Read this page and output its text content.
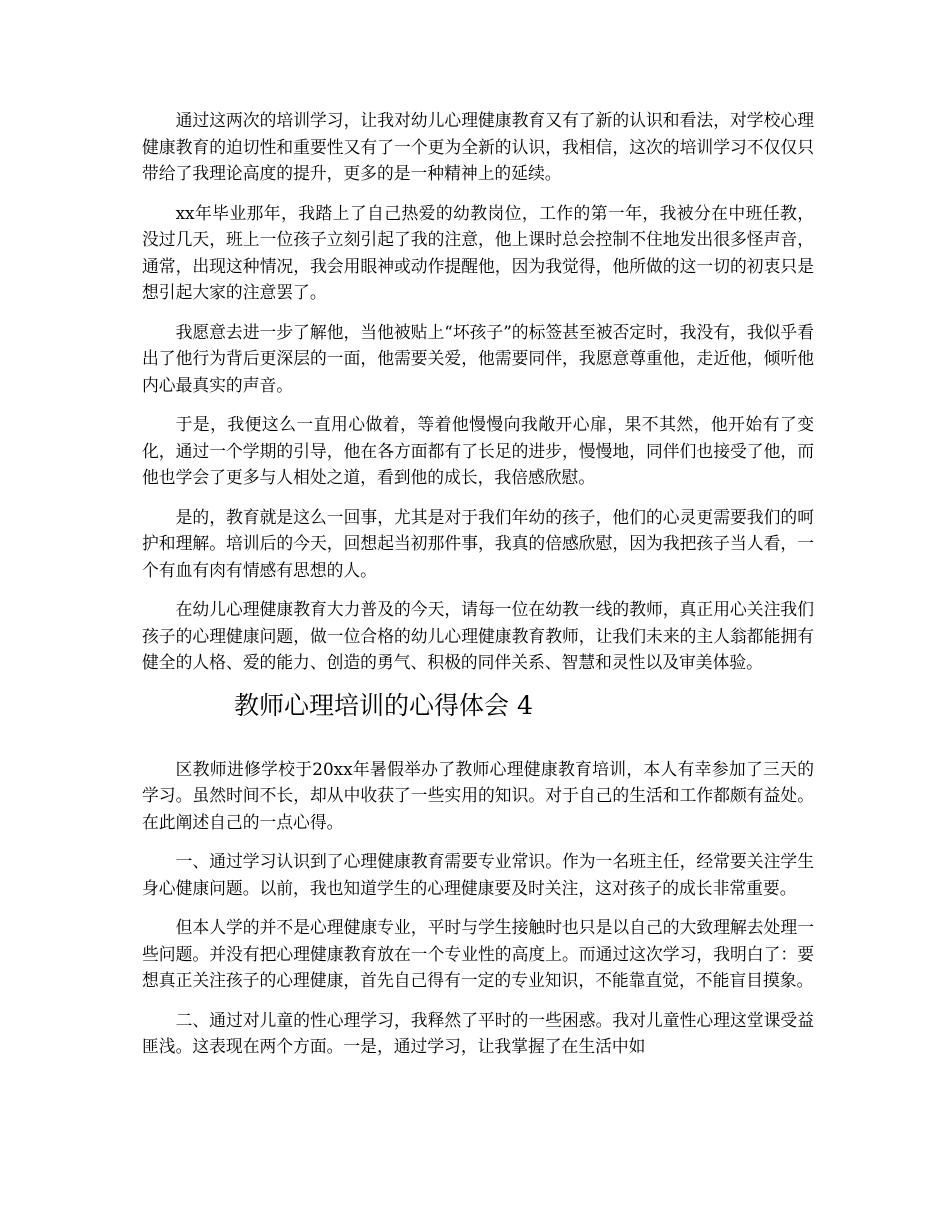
通过这两次的培训学习，让我对幼儿心理健康教育又有了新的认识和看法，对学校心理健康教育的迫切性和重要性又有了一个更为全新的认识，我相信，这次的培训学习不仅仅只带给了我理论高度的提升，更多的是一种精神上的延续。

xx年毕业那年，我踏上了自己热爱的幼教岗位，工作的第一年，我被分在中班任教，没过几天，班上一位孩子立刻引起了我的注意，他上课时总会控制不住地发出很多怪声音，通常，出现这种情况，我会用眼神或动作提醒他，因为我觉得，他所做的这一切的初衷只是想引起大家的注意罢了。

我愿意去进一步了解他，当他被贴上“坏孩子”的标签甚至被否定时，我没有，我似乎看出了他行为背后更深层的一面，他需要关爱，他需要同伴，我愿意尊重他，走近他，倾听他内心最真实的声音。

于是，我便这么一直用心做着，等着他慢慢向我敞开心扉，果不其然，他开始有了变化，通过一个学期的引导，他在各方面都有了长足的进步，慢慢地，同伴们也接受了他，而他也学会了更多与人相处之道，看到他的成长，我倍感欣慰。

是的，教育就是这么一回事，尤其是对于我们年幼的孩子，他们的心灵更需要我们的呵护和理解。培训后的今天，回想起当初那件事，我真的倍感欣慰，因为我把孩子当人看，一个有血有肉有情感有思想的人。

在幼儿心理健康教育大力普及的今天，请每一位在幼教一线的教师，真正用心关注我们孩子的心理健康问题，做一位合格的幼儿心理健康教育教师，让我们未来的主人翁都能拥有健全的人格、爱的能力、创造的勇气、积极的同伴关系、智慧和灵性以及审美体验。

教师心理培训的心得体会 4

区教师进修学校于20xx年暑假举办了教师心理健康教育培训，本人有幸参加了三天的学习。虽然时间不长，却从中收获了一些实用的知识。对于自己的生活和工作都颇有益处。在此阐述自己的一点心得。

一、通过学习认识到了心理健康教育需要专业常识。作为一名班主任，经常要关注学生身心健康问题。以前，我也知道学生的心理健康要及时关注，这对孩子的成长非常重要。

但本人学的并不是心理健康专业，平时与学生接触时也只是以自己的大致理解去处理一些问题。并没有把心理健康教育放在一个专业性的高度上。而通过这次学习，我明白了：要想真正关注孩子的心理健康，首先自己得有一定的专业知识，不能靠直觉，不能盲目摸象。

二、通过对儿童的性心理学习，我释然了平时的一些困惑。我对儿童性心理这堂课受益匪浅。这表现在两个方面。一是，通过学习，让我掌握了在生活中如
